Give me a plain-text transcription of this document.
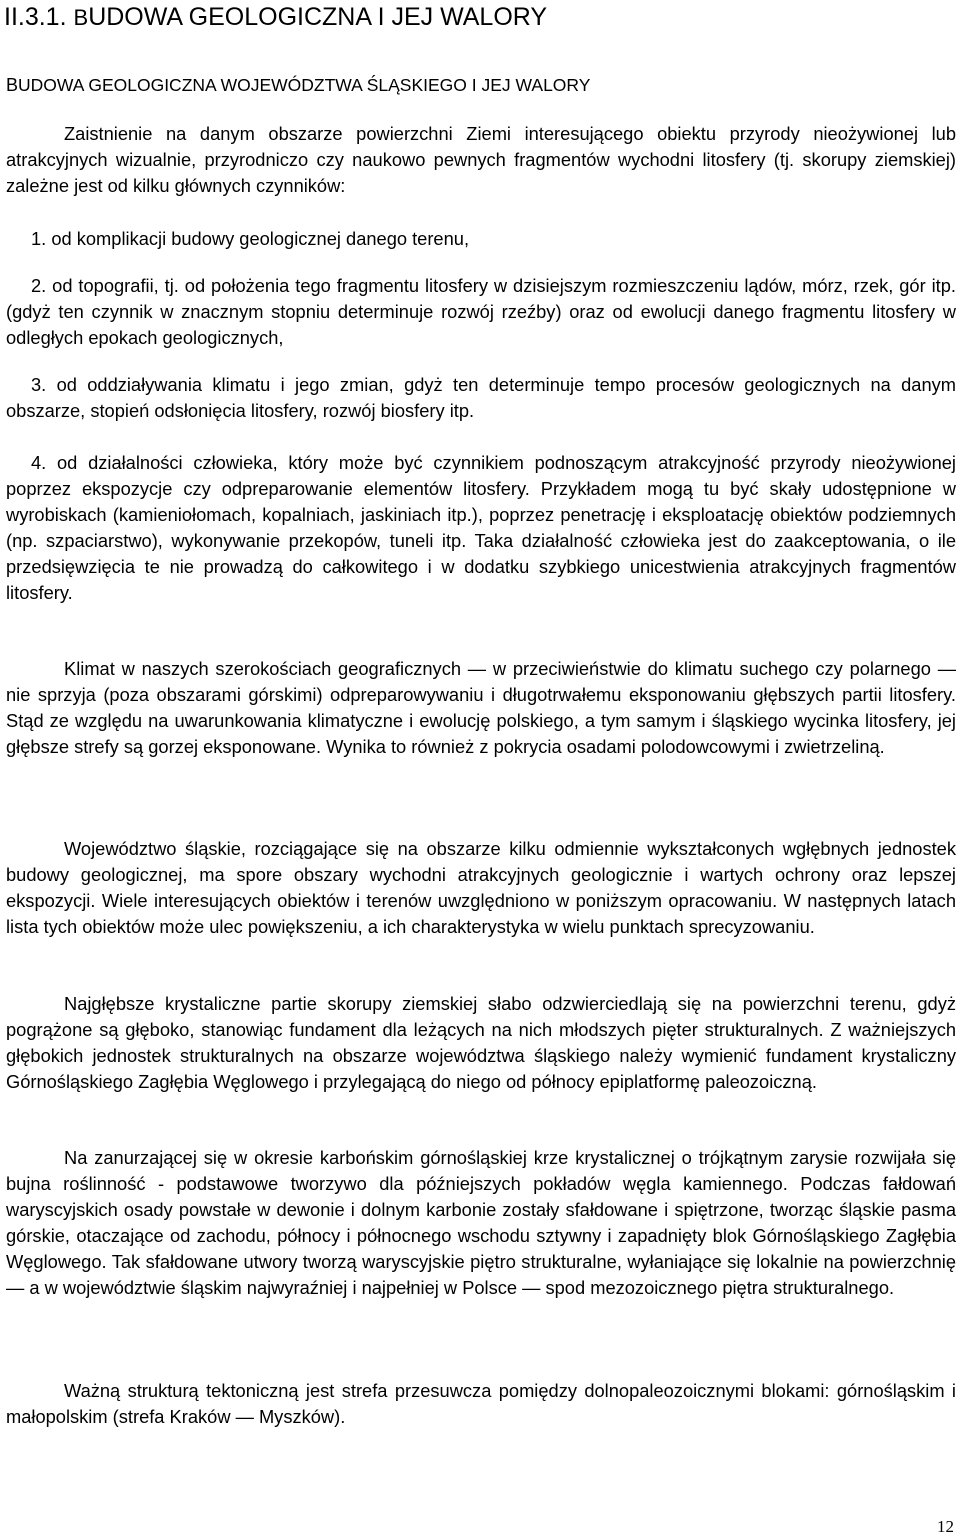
II.3.1. BUDOWA GEOLOGICZNA I JEJ WALORY
BUDOWA GEOLOGICZNA WOJEWÓDZTWA ŚLĄSKIEGO I JEJ WALORY

Zaistnienie na danym obszarze powierzchni Ziemi interesującego obiektu przyrody nieożywionej lub atrakcyjnych wizualnie, przyrodniczo czy naukowo pewnych fragmentów wychodni litosfery (tj. skorupy ziemskiej) zależne jest od kilku głównych czynników:

1. od komplikacji budowy geologicznej danego terenu,

2. od topografii, tj. od położenia tego fragmentu litosfery w dzisiejszym rozmieszczeniu lądów, mórz, rzek, gór itp. (gdyż ten czynnik w znacznym stopniu determinuje rozwój rzeźby) oraz od ewolucji danego fragmentu litosfery w odległych epokach geologicznych,

3. od oddziaływania klimatu i jego zmian, gdyż ten determinuje tempo procesów geologicznych na danym obszarze, stopień odsłonięcia litosfery, rozwój biosfery itp.

4. od działalności człowieka, który może być czynnikiem podnoszącym atrakcyjność przyrody nieożywionej poprzez ekspozycje czy odpreparowanie elementów litosfery. Przykładem mogą tu być skały udostępnione w wyrobiskach (kamieniołomach, kopalniach, jaskiniach itp.), poprzez penetrację i eksploatację obiektów podziemnych (np. szpaciarstwo), wykonywanie przekopów, tuneli itp. Taka działalność człowieka jest do zaakceptowania, o ile przedsięwzięcia te nie prowadzą do całkowitego i w dodatku szybkiego unicestwienia atrakcyjnych fragmentów litosfery.

Klimat w naszych szerokościach geograficznych — w przeciwieństwie do klimatu suchego czy polarnego — nie sprzyja (poza obszarami górskimi) odpreparowywaniu i długotrwałemu eksponowaniu głębszych partii litosfery. Stąd ze względu na uwarunkowania klimatyczne i ewolucję polskiego, a tym samym i śląskiego wycinka litosfery, jej głębsze strefy są gorzej eksponowane. Wynika to również z pokrycia osadami polodowcowymi i zwietrzeliną.

Województwo śląskie, rozciągające się na obszarze kilku odmiennie wykształconych wgłębnych jednostek budowy geologicznej, ma spore obszary wychodni atrakcyjnych geologicznie i wartych ochrony oraz lepszej ekspozycji. Wiele interesujących obiektów i terenów uwzględniono w poniższym opracowaniu. W następnych latach lista tych obiektów może ulec powiększeniu, a ich charakterystyka w wielu punktach sprecyzowaniu.

Najgłębsze krystaliczne partie skorupy ziemskiej słabo odzwierciedlają się na powierzchni terenu, gdyż pogrążone są głęboko, stanowiąc fundament dla leżących na nich młodszych pięter strukturalnych. Z ważniejszych głębokich jednostek strukturalnych na obszarze województwa śląskiego należy wymienić fundament krystaliczny Górnośląskiego Zagłębia Węglowego i przylegającą do niego od północy epiplatformę paleozoiczną.

Na zanurzającej się w okresie karbońskim górnośląskiej krze krystalicznej o trójkątnym zarysie rozwijała się bujna roślinność - podstawowe tworzywo dla późniejszych pokładów węgla kamiennego. Podczas fałdowań waryscyjskich osady powstałe w dewonie i dolnym karbonie zostały sfałdowane i spiętrzone, tworząc śląskie pasma górskie, otaczające od zachodu, północy i północnego wschodu sztywny i zapadnięty blok Górnośląskiego Zagłębia Węglowego. Tak sfałdowane utwory tworzą waryscyjskie piętro strukturalne, wyłaniające się lokalnie na powierzchnię — a w województwie śląskim najwyraźniej i najpełniej w Polsce — spod mezozoicznego piętra strukturalnego.

Ważną strukturą tektoniczną jest strefa przesuwcza pomiędzy dolnopaleozoicznymi blokami: górnośląskim i małopolskim (strefa Kraków — Myszków).

12
